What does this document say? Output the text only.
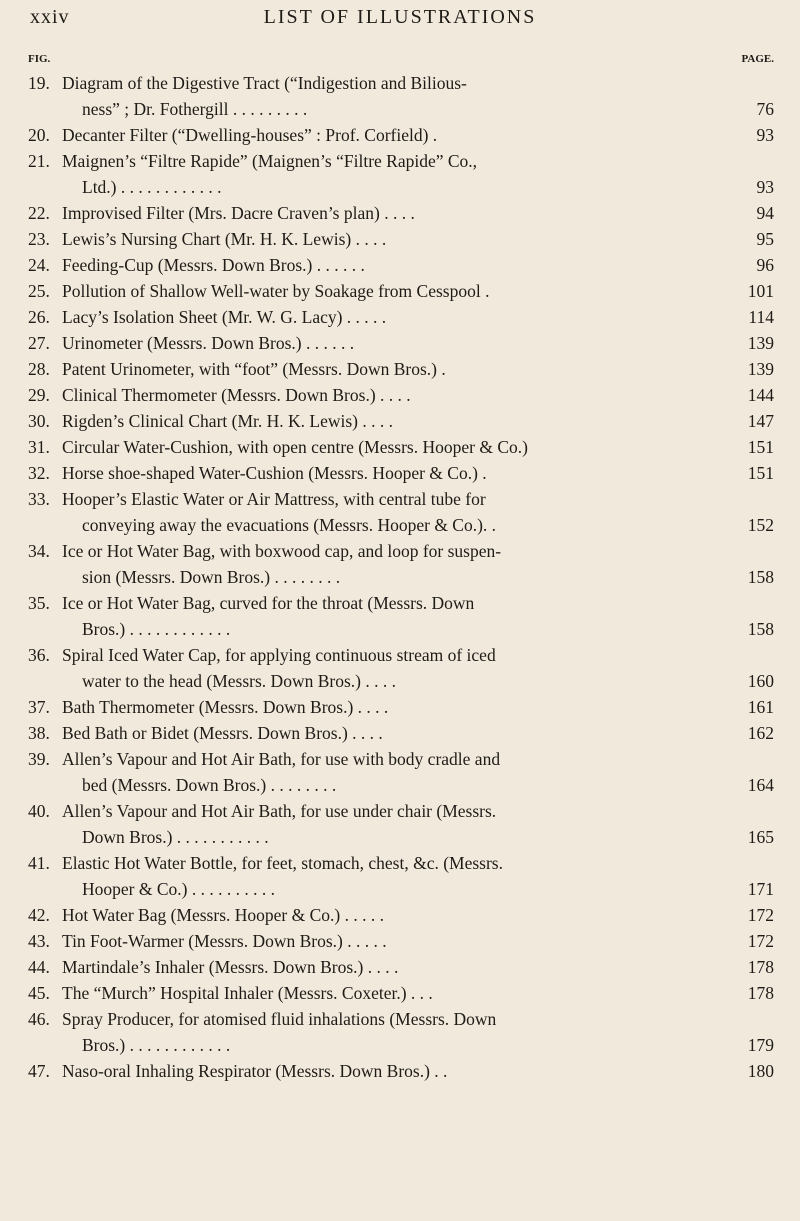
xxiv	LIST OF ILLUSTRATIONS
FIG.	PAGE.
19. Diagram of the Digestive Tract (“Indigestion and Bilious-
ness” ; Dr. Fothergill . . . . . . . . .	76
20. Decanter Filter (“Dwelling-houses” : Prof. Corfield) .	93
21. Maignen’s “Filtre Rapide” (Maignen’s “Filtre Rapide” Co.,
Ltd.) . . . . . . . . . . . .	93
22. Improvised Filter (Mrs. Dacre Craven’s plan) . . . .	94
23. Lewis’s Nursing Chart (Mr. H. K. Lewis) . . . .	95
24. Feeding-Cup (Messrs. Down Bros.) . . . . . .	96
25. Pollution of Shallow Well-water by Soakage from Cesspool .	101
26. Lacy’s Isolation Sheet (Mr. W. G. Lacy) . . . . .	114
27. Urinometer (Messrs. Down Bros.) . . . . . .	139
28. Patent Urinometer, with “foot” (Messrs. Down Bros.) .	139
29. Clinical Thermometer (Messrs. Down Bros.) . . . .	144
30. Rigden’s Clinical Chart (Mr. H. K. Lewis) . . . .	147
31. Circular Water-Cushion, with open centre (Messrs. Hooper & Co.)	151
32. Horse shoe-shaped Water-Cushion (Messrs. Hooper & Co.) .	151
33. Hooper’s Elastic Water or Air Mattress, with central tube for
conveying away the evacuations (Messrs. Hooper & Co.). .	152
34. Ice or Hot Water Bag, with boxwood cap, and loop for suspen-
sion (Messrs. Down Bros.) . . . . . . . .	158
35. Ice or Hot Water Bag, curved for the throat (Messrs. Down
Bros.) . . . . . . . . . . . .	158
36. Spiral Iced Water Cap, for applying continuous stream of iced
water to the head (Messrs. Down Bros.) . . . .	160
37. Bath Thermometer (Messrs. Down Bros.) . . . .	161
38. Bed Bath or Bidet (Messrs. Down Bros.) . . . .	162
39. Allen’s Vapour and Hot Air Bath, for use with body cradle and
bed (Messrs. Down Bros.) . . . . . . . .	164
40. Allen’s Vapour and Hot Air Bath, for use under chair (Messrs.
Down Bros.) . . . . . . . . . . .	165
41. Elastic Hot Water Bottle, for feet, stomach, chest, &c. (Messrs.
Hooper & Co.) . . . . . . . . . .	171
42. Hot Water Bag (Messrs. Hooper & Co.) . . . . .	172
43. Tin Foot-Warmer (Messrs. Down Bros.) . . . . .	172
44. Martindale’s Inhaler (Messrs. Down Bros.) . . . .	178
45. The “Murch” Hospital Inhaler (Messrs. Coxeter.) . . .	178
46. Spray Producer, for atomised fluid inhalations (Messrs. Down
Bros.) . . . . . . . . . . . .	179
47. Naso-oral Inhaling Respirator (Messrs. Down Bros.) . .	180
